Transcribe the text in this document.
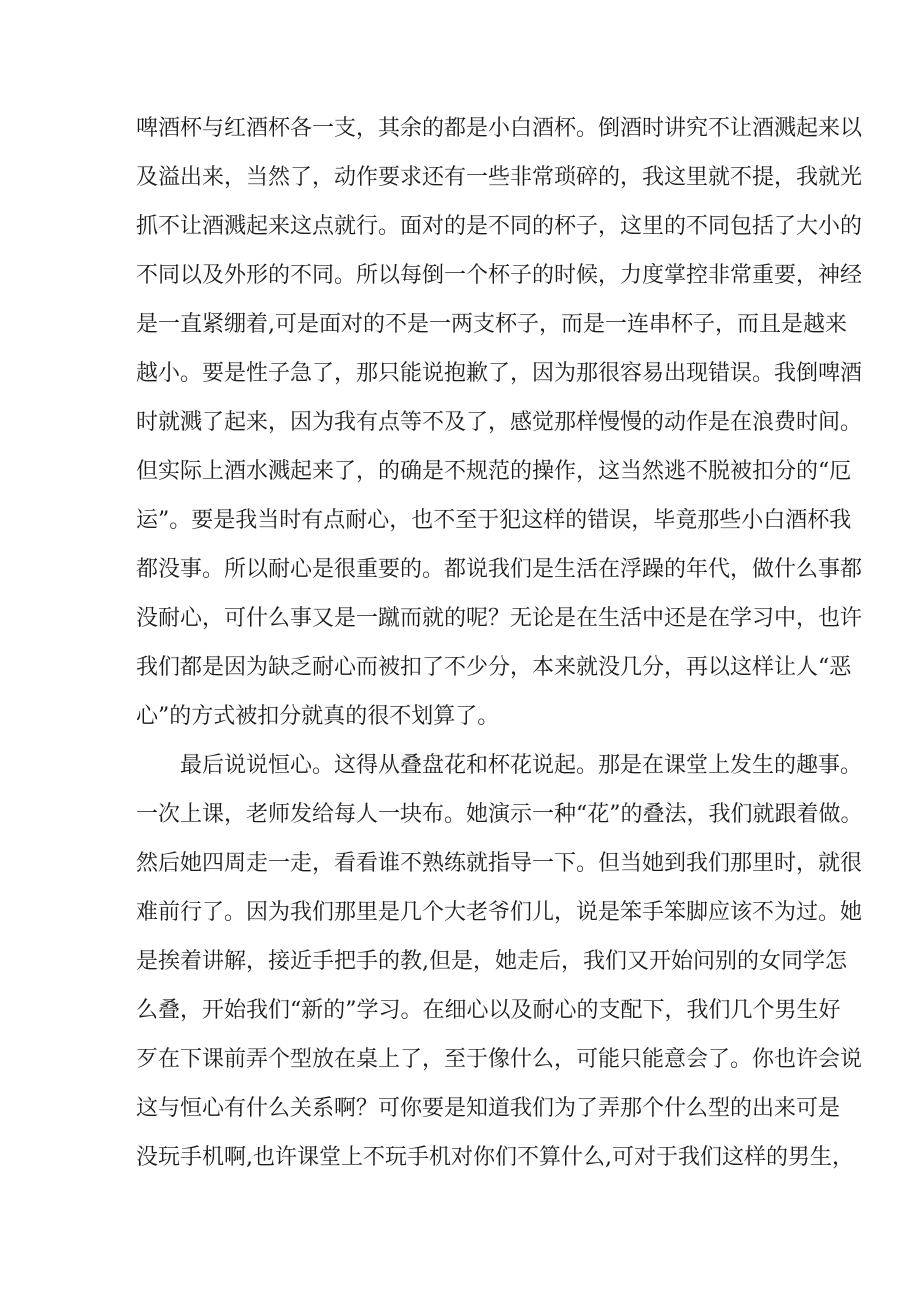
啤酒杯与红酒杯各一支，其余的都是小白酒杯。倒酒时讲究不让酒溅起来以
及溢出来，当然了，动作要求还有一些非常琐碎的，我这里就不提，我就光
抓不让酒溅起来这点就行。面对的是不同的杯子，这里的不同包括了大小的
不同以及外形的不同。所以每倒一个杯子的时候，力度掌控非常重要，神经
是一直紧绷着,可是面对的不是一两支杯子，而是一连串杯子，而且是越来
越小。要是性子急了，那只能说抱歉了，因为那很容易出现错误。我倒啤酒
时就溅了起来，因为我有点等不及了，感觉那样慢慢的动作是在浪费时间。
但实际上酒水溅起来了，的确是不规范的操作，这当然逃不脱被扣分的“厄
运”。要是我当时有点耐心，也不至于犯这样的错误，毕竟那些小白酒杯我
都没事。所以耐心是很重要的。都说我们是生活在浮躁的年代，做什么事都
没耐心，可什么事又是一蹴而就的呢？无论是在生活中还是在学习中，也许
我们都是因为缺乏耐心而被扣了不少分，本来就没几分，再以这样让人“恶
心”的方式被扣分就真的很不划算了。
最后说说恒心。这得从叠盘花和杯花说起。那是在课堂上发生的趣事。
一次上课，老师发给每人一块布。她演示一种“花”的叠法，我们就跟着做。
然后她四周走一走，看看谁不熟练就指导一下。但当她到我们那里时，就很
难前行了。因为我们那里是几个大老爷们儿，说是笨手笨脚应该不为过。她
是挨着讲解，接近手把手的教,但是，她走后，我们又开始问别的女同学怎
么叠，开始我们“新的”学习。在细心以及耐心的支配下，我们几个男生好
歹在下课前弄个型放在桌上了，至于像什么，可能只能意会了。你也许会说
这与恒心有什么关系啊？可你要是知道我们为了弄那个什么型的出来可是
没玩手机啊,也许课堂上不玩手机对你们不算什么,可对于我们这样的男生，
